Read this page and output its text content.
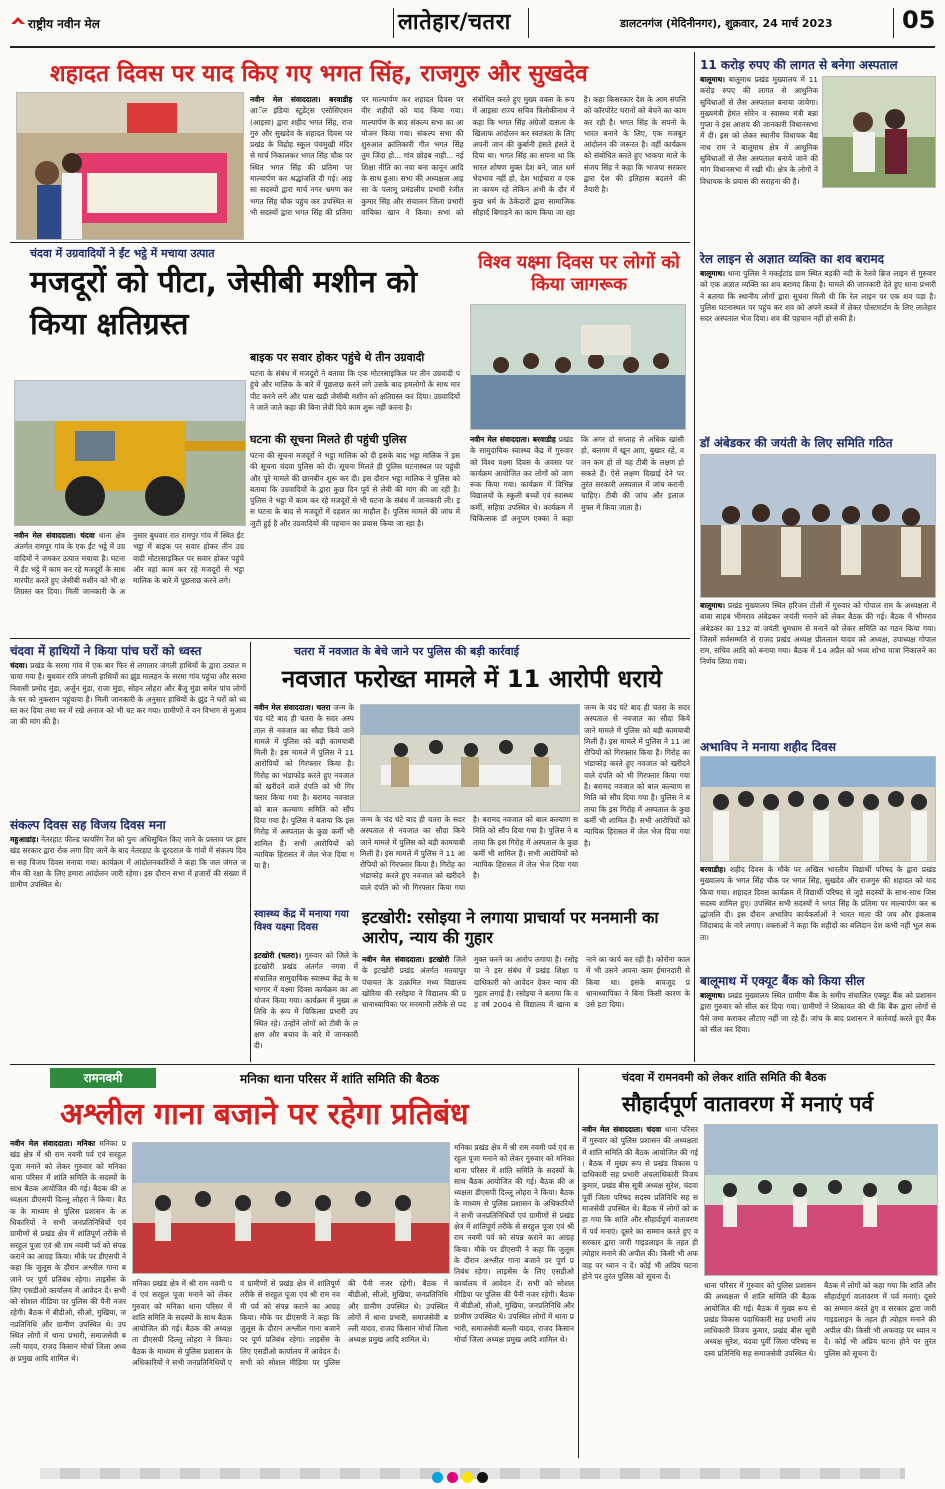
राष्ट्रीय नवीन मेल	लातेहार/चतरा	डालटनगंज (मेदिनीनगर), शुक्रवार, 24 मार्च 2023	05
शहादत दिवस पर याद किए गए भगत सिंह, राजगुरु और सुखदेव
नवीन मेल संवाददाता। बरवाडीह आॅल इंडिया स्टूडेंट्स एसोसिएशन (आइसा) द्वारा शहीद भगत सिंह, राजगुरु और सुखदेव के शहादत दिवस पर प्रखंड के विद्रोह स्कूल पंचमुखी मंदिर से मार्च निकालकर भगत सिंह चौक पर स्थित भगत सिंह की प्रतिमा पर माल्यार्पण कर श्रद्धांजलि दी गई। आइसा सदस्यों द्वारा मार्च नगर भ्रमण कर भगत सिंह चौक पहुंच कर उपस्थित सभी सदस्यों द्वारा भगत सिंह की प्रतिमा पर माल्यार्पण कर शहादत दिवस पर वीर शहीदों को याद किया गया। माल्यार्पण के बाद संकल्प सभा का आयोजन किया गया। संकल्प सभा की शुरुआत क्रांतिकारी गीत भगत सिंह तुम जिंदा हो... गांव छोड़ब नाही... नई शिक्षा नीति का नया बना कानून आदि के साथ हुआ। सभा की अध्यक्षता आइसा के पलामू प्रमंडलीय प्रभारी रंजीत कुमार सिंह और संचालन जिला प्रभारी वाचिका खान ने किया। सभा को संबोधित करते हुए मुख्य वक्ता के रूप में आइसा राज्य सचिव त्रिलोकीनाथ ने कहा कि भगत सिंह अंग्रेजों दासता के खिलाफ आंदोलन कर स्वतंत्रता के लिए अपनी जान की कुर्बानी हंसते हंसते दे दिया था। भगत सिंह का सपना था कि भारत शोषण मुक्त देश बने, जात धर्म भेदभाव नहीं हो, देश भाईचारा व एकता कायम रहे लेकिन अभी के दौर में कुछ धर्म के ठेकेदारों द्वारा सामाजिक सौहार्द बिगाड़ने का काम किया जा रहा है। कहा किसरकार देश के आम संपत्ति को कॉरपोरेट घरानों को बेचने का काम कर रही है। भगत सिंह के सपनो के भारत बनाने के लिए, एक मजबूत आंदोलन की जरूरत है। वहीं कार्यक्रम को संबोधित करते हुए भाकपा माले के संजय सिंह ने कहा कि भाजपा सरकार द्वारा देश की इतिहास बदलने की तैयारी है।
11 करोड़ रुपए की लागत से बनेगा अस्पताल
बालूमाथ। बालूमाथ प्रखंड मुख्यालय में 11 करोड़ रुपए की लागत से आधुनिक सुविधाओं से लैस अस्पताल बनाया जायेगा। मुख्यमंत्री हेमंत सोरेन व स्वास्थ्य मंत्री बन्ना गुप्ता ने इस आशय की जानकारी विधानसभा में दी। इस को लेकर स्थानीय विधायक बैद्यनाथ राम ने बालूमाथ क्षेत्र में आधुनिक सुविधाओं से लैस अस्पताल बनाये जाने की मांग विधानसभा में रखी थी। क्षेत्र के लोगों ने विधायक के प्रयास की सराहना की है।
रेल लाइन से अज्ञात व्यक्ति का शव बरामद
बालूमाथ। थाना पुलिस ने मकईटांड ग्राम स्थित बड़की नदी के रेलवे ब्रिज लाइन से गुरुवार को एक अज्ञात व्यक्ति का शव बरामद किया है। मामले की जानकारी देते हुए थाना प्रभारी ने बताया कि स्थानीय लोगों द्वारा सूचना मिली थी कि रेल लाइन पर एक शव पड़ा है। पुलिस घटनास्थल पर पहुंच कर शव को अपने कब्जे में लेकर पोस्टमार्टम के लिए लातेहार सदर अस्पताल भेज दिया। शव की पहचान नहीं हो सकी है।
डॉ अंबेडकर की जयंती के लिए समिति गठित
बालूमाथ। प्रखंड मुख्यालय स्थित हरिजन टोली में गुरुवार को गोपाल राम के अध्यक्षता में बाबा साहब भीमराव अंबेडकर जयंती मनाने को लेकर बैठक की गई। बैठक में भीमराव अंबेडकर का 132 वां जयंती धूमधाम से मनाने को लेकर समिति का गठन किया गया। जिसमें सर्वसम्मति से राजद प्रखंड अध्यक्ष प्रीतलाल यादव को अध्यक्ष, उपाध्यक्ष गोपाल राम, सचिव आदि को बनाया गया। बैठक में 14 अप्रैल को भव्य शोभा यात्रा निकालने का निर्णय लिया गया।
अभाविप ने मनाया शहीद दिवस
बरवाडीह। शहीद दिवस के मौके पर अखिल भारतीय विद्यार्थी परिषद के द्वारा प्रखंड मुख्यालय के भगत सिंह चौक पर भगत सिंह, सुखदेव और राजगुरु की शहादत को याद किया गया। शहादत दिवस कार्यक्रम में विद्यार्थी परिषद से जुड़े सदस्यों के साथ-साथ जिस सदस्य शामिल हुए। उपस्थित सभी सदस्यों ने भगत सिंह के प्रतिमा पर माल्यार्पण कर श्रद्धांजलि दी। इस दौरान अभाविप कार्यकर्ताओं ने भारत माता की जय और इंकलाब जिंदाबाद के नारे लगाए। वक्ताओं ने कहा कि शहीदों का बलिदान देश कभी नहीं भूल सकता।
बालूमाथ में एक्यूट बैंक को किया सील
बालूमाथ। प्रखंड मुख्यालय स्थित ग्रामीण बैंक के समीप संचालित एक्यूट बैंक को प्रशासन द्वारा गुरुवार को सील कर दिया गया। ग्रामीणों ने शिकायत की थी कि बैंक द्वारा लोगों से पैसे जमा कराकर लौटाए नहीं जा रहे हैं। जांच के बाद प्रशासन ने कार्रवाई करते हुए बैंक को सील कर दिया।
चंदवा में उग्रवादियों ने ईंट भट्ठे में मचाया उत्पात
मजदूरों को पीटा, जेसीबी मशीन को किया क्षतिग्रस्त
बाइक पर सवार होकर पहुंचे थे तीन उग्रवादी
घटना के संबंध में मजदूरों ने बताया कि एक मोटरसाइकिल पर तीन उग्रवादी पहुंचे और मालिक के बारे में पूछताछ करने लगे उसके बाद हमलोगों के साथ मारपीट करने लगे और पास खड़ी जेसीबी मशीन को क्षतिग्रस्त कर दिया। उग्रवादियों ने जाते जाते कहा की बिना लेवी दिये काम शुरू नहीं करना है।
घटना की सूचना मिलते ही पहुंची पुलिस
घटना की सूचना मजदूरों ने भट्ठा मालिक को दी इसके बाद भट्ठा मालिक ने इसकी सूचना चंदवा पुलिस को दी। सूचना मिलते ही पुलिस घटनास्थल पर पहुंची और पूरे मामले की छानबीन शुरू कर दी। इस दौरान भट्ठा मालिक ने पुलिस को बताया कि उग्रवादियों के द्वारा कुछ दिन पूर्व से लेवी की मांग की जा रही है। पुलिस ने भट्ठा में काम कर रहे मजदूरों से भी घटना के संबंध में जानकारी ली। इस घटना के बाद से मजदूरों में दहशत का माहौल है। पुलिस मामले की जांच में जुटी हुई है और उग्रवादियों की पहचान का प्रयास किया जा रहा है।
नवीन मेल संवाददाता। चंदवा थाना क्षेत्र अंतर्गत रामपुर गांव के एक ईंट भट्ठे में उग्रवादियों ने जमकर उत्पात मचाया है। घटना में ईंट भट्ठे में काम कर रहे मजदूरों के साथ मारपीट करते हुए जेसीबी मशीन को भी क्षतिग्रस्त कर दिया। मिली जानकारी के अनुसार बुधवार रात रामपुर गांव में स्थित ईंट भट्ठा में बाइक पर सवार होकर तीन उग्रवादी मोटरसाइकिल पर सवार होकर पहुंचे और वहां काम कर रहे मजदूरों से भट्ठा मालिक के बारे में पूछताछ करने लगे।
विश्व यक्ष्मा दिवस पर लोगों को किया जागरूक
नवीन मेल संवाददाता। बरवाडीह प्रखंड के सामुदायिक स्वास्थ्य केंद्र में गुरुवार को विश्व यक्ष्मा दिवस के अवसर पर कार्यक्रम आयोजित कर लोगों को जागरूक किया गया। कार्यक्रम में विभिन्न विद्यालयों के स्कूली बच्चों एवं स्वास्थ्य कर्मी, सहिया उपस्थित थे। कार्यक्रम में चिकित्सक डॉ अनूपम एक्का ने कहा कि अगर दो सप्ताह से अधिक खांसी हो, बलगम में खून आए, बुखार रहे, वजन कम हो तो यह टीबी के लक्षण हो सकते हैं। ऐसे लक्षण दिखाई देने पर तुरंत सरकारी अस्पताल में जांच करानी चाहिए। टीबी की जांच और इलाज मुफ्त में किया जाता है।
चंदवा में हाथियों ने किया पांच घरों को ध्वस्त
चंदवा। प्रखंड के सरमा गांव में एक बार फिर से लगातार जंगली हाथियों के द्वारा उत्पात मचाया गया है। बुधवार रात्रि जंगली हाथियों का झुंड मालहन के सरमा गांव पहुंचा और सरमा निवासी प्रमोद मुंडा, अर्जुन मुंडा, राजा मुंडा, सोहन लोहरा और बैजू मुंडा समेत पांच लोगों के घर को नुकसान पहुंचाया है। मिली जानकारी के अनुसार हाथियों के झुंड ने घरों को ध्वस्त कर दिया तथा घर में रखे अनाज को भी चट कर गया। ग्रामीणों ने वन विभाग से मुआवजा की मांग की है।
संकल्प दिवस सह विजय दिवस मना
महुआडांड़। नेतरहाट फील्ड फायरिंग रेंज को पुनः अधिसूचित किए जाने के प्रस्ताव पर झारखंड सरकार द्वारा रोक लगा दिए जाने के बाद नेतरहाट के दूरदराज के गांवों में संकल्प दिवस सह विजय दिवस मनाया गया। कार्यक्रम में आंदोलनकारियों ने कहा कि जल जंगल जमीन की रक्षा के लिए हमारा आंदोलन जारी रहेगा। इस दौरान सभा में हजारों की संख्या में ग्रामीण उपस्थित थे।
चतरा में नवजात के बेचे जाने पर पुलिस की बड़ी कार्रवाई
नवजात फरोख्त मामले में 11 आरोपी धराये
नवीन मेल संवाददाता। चतरा जन्म के चंद घंटे बाद ही चतरा के सदर अस्पताल से नवजात का सौदा किये जाने मामले में पुलिस को बड़ी कामयाबी मिली है। इस मामले में पुलिस ने 11 आरोपियों को गिरफ्तार किया है। गिरोह का भंडाफोड़ करते हुए नवजात को खरीदने वाले दंपति को भी गिरफ्तार किया गया है। बरामद नवजात को बाल कल्याण समिति को सौंप दिया गया है। पुलिस ने बताया कि इस गिरोह में अस्पताल के कुछ कर्मी भी शामिल हैं। सभी आरोपियों को न्यायिक हिरासत में जेल भेज दिया गया है।
जन्म के चंद घंटे बाद ही चतरा के सदर अस्पताल से नवजात का सौदा किये जाने मामले में पुलिस को बड़ी कामयाबी मिली है। इस मामले में पुलिस ने 11 आरोपियों को गिरफ्तार किया है। गिरोह का भंडाफोड़ करते हुए नवजात को खरीदने वाले दंपति को भी गिरफ्तार किया गया है। बरामद नवजात को बाल कल्याण समिति को सौंप दिया गया है। पुलिस ने बताया कि इस गिरोह में अस्पताल के कुछ कर्मी भी शामिल हैं। सभी आरोपियों को न्यायिक हिरासत में जेल भेज दिया गया है।
जन्म के चंद घंटे बाद ही चतरा के सदर अस्पताल से नवजात का सौदा किये जाने मामले में पुलिस को बड़ी कामयाबी मिली है। इस मामले में पुलिस ने 11 आरोपियों को गिरफ्तार किया है। गिरोह का भंडाफोड़ करते हुए नवजात को खरीदने वाले दंपति को भी गिरफ्तार किया गया है। बरामद नवजात को बाल कल्याण समिति को सौंप दिया गया है। पुलिस ने बताया कि इस गिरोह में अस्पताल के कुछ कर्मी भी शामिल हैं। सभी आरोपियों को न्यायिक हिरासत में जेल भेज दिया गया है।
स्वास्थ्य केंद्र में मनाया गया विश्व यक्ष्मा दिवस
इटखोरी (चतरा)। गुरुवार को जिले के इटखोरी प्रखंड अंतर्गत नगवा में संचालित सामुदायिक स्वास्थ्य केंद्र के सभागार में यक्ष्मा दिवस कार्यक्रम का आयोजन किया गया। कार्यक्रम में मुख्य अतिथि के रूप में चिकित्सा प्रभारी उपस्थित रहे। उन्होंने लोगों को टीबी के लक्षण और बचाव के बारे में जानकारी दी।
इटखोरी: रसोइया ने लगाया प्राचार्या पर मनमानी का आरोप, न्याय की गुहार
नवीन मेल संवाददाता। इटखोरी जिले के इटखोरी प्रखंड अंतर्गत मतवापुर पंचायत के उत्क्रमित मध्य विद्यालय खोरिया की रसोइया ने विद्यालय की प्रधानाध्यापिका पर मनमानी तरीके से पदमुक्त करने का आरोप लगाया है। रसोइया ने इस संबंध में प्रखंड शिक्षा पदाधिकारी को आवेदन देकर न्याय की गुहार लगाई है। रसोइया ने बताया कि वह वर्ष 2004 से विद्यालय में खाना बनाने का कार्य कर रही है। कोरोना काल में भी उसने अपना काम ईमानदारी से किया था। इसके बावजूद प्रधानाध्यापिका ने बिना किसी कारण के उसे हटा दिया।
रामनवमी	मनिका थाना परिसर में शांति समिति की बैठक
अश्लील गाना बजाने पर रहेगा प्रतिबंध
नवीन मेल संवाददाता। मनिका मनिका प्रखंड क्षेत्र में श्री राम नवमी पर्व एवं सरहुल पूजा मनाने को लेकर गुरुवार को मनिका थाना परिसर में शांति समिति के सदस्यों के साथ बैठक आयोजित की गई। बैठक की अध्यक्षता डीएसपी दिल्लू लोहरा ने किया। बैठक के माध्यम से पुलिस प्रशासन के अधिकारियों ने सभी जनप्रतिनिधियों एवं ग्रामीणों से प्रखंड क्षेत्र में शांतिपूर्ण तरीके से सरहुल पूजा एवं श्री राम नवमी पर्व को संपन्न कराने का आग्रह किया। मौके पर डीएसपी ने कहा कि जुलूस के दौरान अश्लील गाना बजाने पर पूर्ण प्रतिबंध रहेगा। लाइसेंस के लिए एसडीओ कार्यालय में आवेदन दें। सभी को सोशल मीडिया पर पुलिस की पैनी नजर रहेगी। बैठक में बीडीओ, सीओ, मुखिया, जनप्रतिनिधि और ग्रामीण उपस्थित थे। उपस्थित लोगों में थाना प्रभारी, समाजसेवी बल्ली यादव, राजद किसान मोर्चा जिला अध्यक्ष प्रमुख आदि शामिल थे।
मनिका प्रखंड क्षेत्र में श्री राम नवमी पर्व एवं सरहुल पूजा मनाने को लेकर गुरुवार को मनिका थाना परिसर में शांति समिति के सदस्यों के साथ बैठक आयोजित की गई। बैठक की अध्यक्षता डीएसपी दिल्लू लोहरा ने किया। बैठक के माध्यम से पुलिस प्रशासन के अधिकारियों ने सभी जनप्रतिनिधियों एवं ग्रामीणों से प्रखंड क्षेत्र में शांतिपूर्ण तरीके से सरहुल पूजा एवं श्री राम नवमी पर्व को संपन्न कराने का आग्रह किया। मौके पर डीएसपी ने कहा कि जुलूस के दौरान अश्लील गाना बजाने पर पूर्ण प्रतिबंध रहेगा। लाइसेंस के लिए एसडीओ कार्यालय में आवेदन दें। सभी को सोशल मीडिया पर पुलिस की पैनी नजर रहेगी। बैठक में बीडीओ, सीओ, मुखिया, जनप्रतिनिधि और ग्रामीण उपस्थित थे। उपस्थित लोगों में थाना प्रभारी, समाजसेवी बल्ली यादव, राजद किसान मोर्चा जिला अध्यक्ष प्रमुख आदि शामिल थे।
मनिका प्रखंड क्षेत्र में श्री राम नवमी पर्व एवं सरहुल पूजा मनाने को लेकर गुरुवार को मनिका थाना परिसर में शांति समिति के सदस्यों के साथ बैठक आयोजित की गई। बैठक की अध्यक्षता डीएसपी दिल्लू लोहरा ने किया। बैठक के माध्यम से पुलिस प्रशासन के अधिकारियों ने सभी जनप्रतिनिधियों एवं ग्रामीणों से प्रखंड क्षेत्र में शांतिपूर्ण तरीके से सरहुल पूजा एवं श्री राम नवमी पर्व को संपन्न कराने का आग्रह किया। मौके पर डीएसपी ने कहा कि जुलूस के दौरान अश्लील गाना बजाने पर पूर्ण प्रतिबंध रहेगा। लाइसेंस के लिए एसडीओ कार्यालय में आवेदन दें। सभी को सोशल मीडिया पर पुलिस की पैनी नजर रहेगी। बैठक में बीडीओ, सीओ, मुखिया, जनप्रतिनिधि और ग्रामीण उपस्थित थे। उपस्थित लोगों में थाना प्रभारी, समाजसेवी बल्ली यादव, राजद किसान मोर्चा जिला अध्यक्ष प्रमुख आदि शामिल थे।
चंदवा में रामनवमी को लेकर शांति समिति की बैठक
सौहार्दपूर्ण वातावरण में मनाएं पर्व
नवीन मेल संवाददाता। चंदवा थाना परिसर में गुरुवार को पुलिस प्रशासन की अध्यक्षता में शांति समिति की बैठक आयोजित की गई। बैठक में मुख्य रूप से प्रखंड विकास पदाधिकारी सह प्रभारी अंचलाधिकारी विजय कुमार, प्रखंड बीस सूत्री अध्यक्ष सुरेश, चंदवा पूर्वी जिला परिषद सदस्य प्रतिनिधि सह समाजसेवी उपस्थित थे। बैठक में लोगों को कहा गया कि शांति और सौहार्दपूर्ण वातावरण में पर्व मनाएं। दूसरे का सम्मान करते हुए व सरकार द्वारा जारी गाइडलाइन के तहत ही त्योहार मनाने की अपील की। किसी भी अफवाह पर ध्यान न दें। कोई भी अप्रिय घटना होने पर तुरंत पुलिस को सूचना दें।
थाना परिसर में गुरुवार को पुलिस प्रशासन की अध्यक्षता में शांति समिति की बैठक आयोजित की गई। बैठक में मुख्य रूप से प्रखंड विकास पदाधिकारी सह प्रभारी अंचलाधिकारी विजय कुमार, प्रखंड बीस सूत्री अध्यक्ष सुरेश, चंदवा पूर्वी जिला परिषद सदस्य प्रतिनिधि सह समाजसेवी उपस्थित थे। बैठक में लोगों को कहा गया कि शांति और सौहार्दपूर्ण वातावरण में पर्व मनाएं। दूसरे का सम्मान करते हुए व सरकार द्वारा जारी गाइडलाइन के तहत ही त्योहार मनाने की अपील की। किसी भी अफवाह पर ध्यान न दें। कोई भी अप्रिय घटना होने पर तुरंत पुलिस को सूचना दें।
